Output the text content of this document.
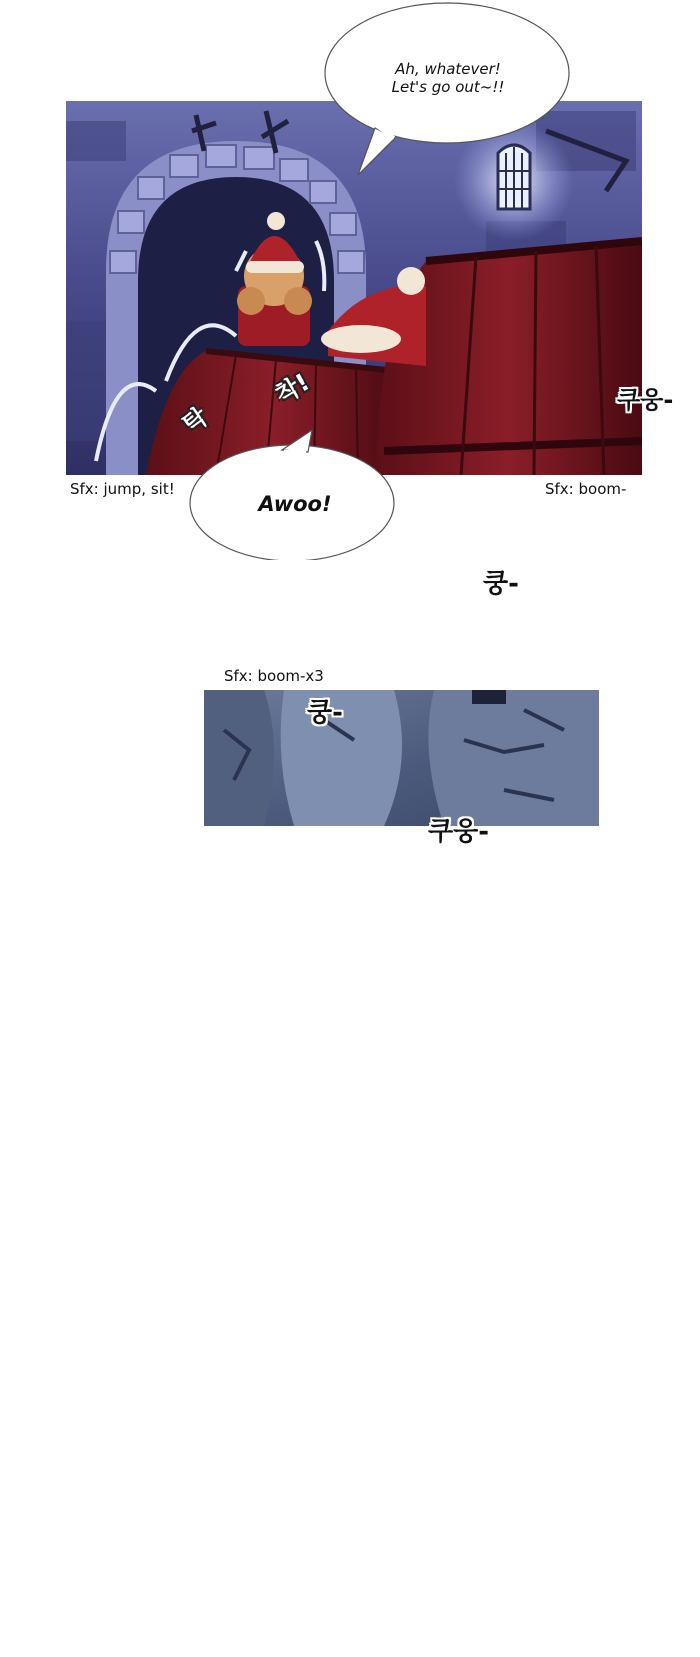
탁
착!
Ah, whatever!
Let's go out~!!
Awoo!
Sfx: jump, sit!	Sfx: boom-
Sfx: boom-x3
쿠웅-
쿵-
쿵-
쿠웅-
